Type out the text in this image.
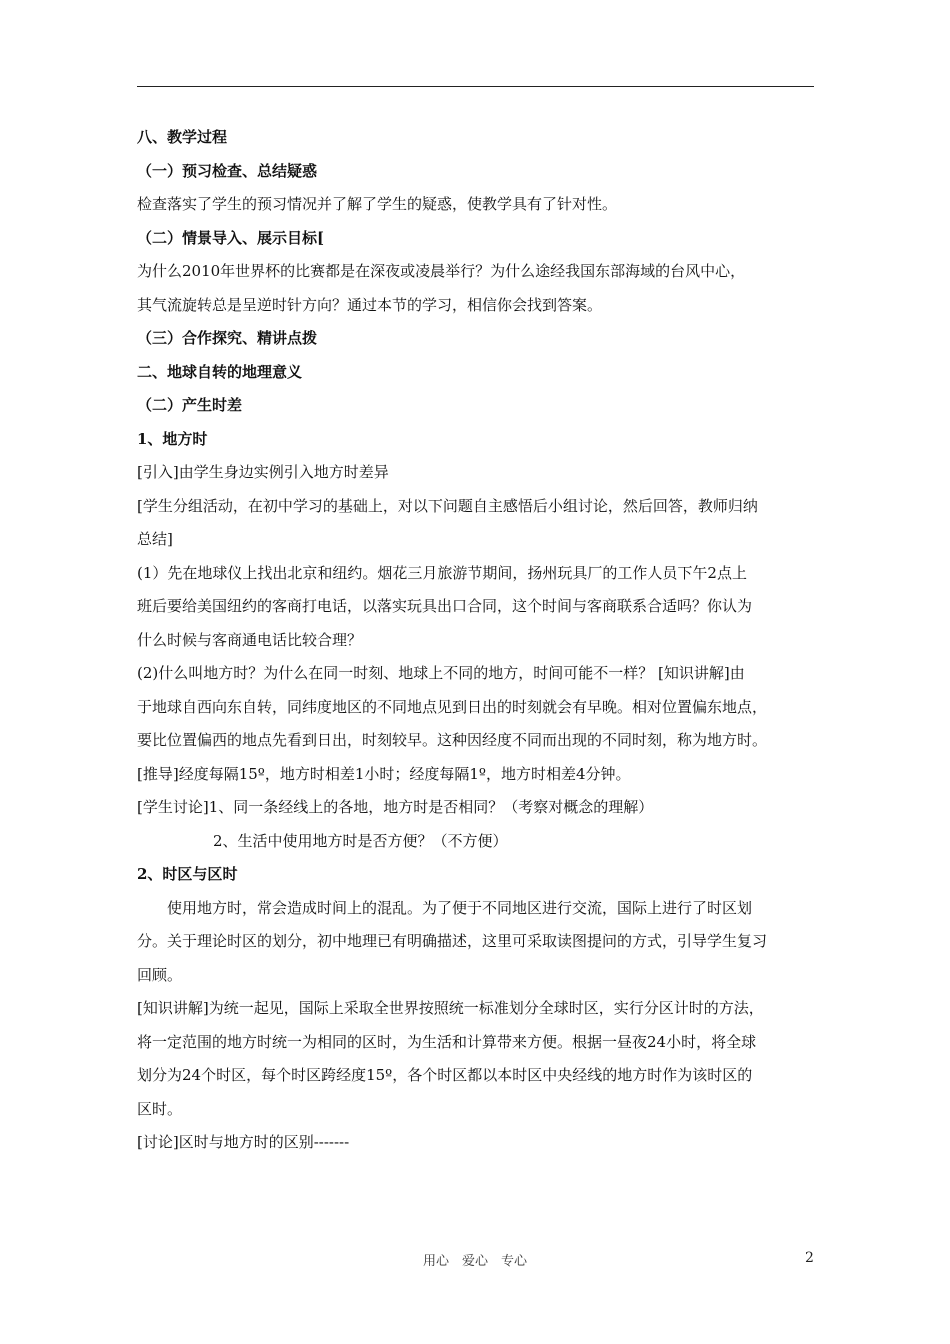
八、教学过程
（一）预习检查、总结疑惑
检查落实了学生的预习情况并了解了学生的疑惑，使教学具有了针对性。
（二）情景导入、展示目标[
为什么2010年世界杯的比赛都是在深夜或凌晨举行？为什么途经我国东部海域的台风中心，
其气流旋转总是呈逆时针方向？通过本节的学习，相信你会找到答案。
（三）合作探究、精讲点拨
二、地球自转的地理意义
（二）产生时差
1、地方时
[引入]由学生身边实例引入地方时差异
[学生分组活动，在初中学习的基础上，对以下问题自主感悟后小组讨论，然后回答，教师归纳
总结]
(1）先在地球仪上找出北京和纽约。烟花三月旅游节期间，扬州玩具厂的工作人员下午2点上
班后要给美国纽约的客商打电话，以落实玩具出口合同，这个时间与客商联系合适吗？你认为
什么时候与客商通电话比较合理？
(2)什么叫地方时？为什么在同一时刻、地球上不同的地方，时间可能不一样？ [知识讲解]由
于地球自西向东自转，同纬度地区的不同地点见到日出的时刻就会有早晚。相对位置偏东地点，
要比位置偏西的地点先看到日出，时刻较早。这种因经度不同而出现的不同时刻，称为地方时。
[推导]经度每隔15º，地方时相差1小时；经度每隔1º，地方时相差4分钟。
[学生讨论]1、同一条经线上的各地，地方时是否相同？（考察对概念的理解）
2、生活中使用地方时是否方便？（不方便）
2、时区与区时
使用地方时，常会造成时间上的混乱。为了便于不同地区进行交流，国际上进行了时区划
分。关于理论时区的划分，初中地理已有明确描述，这里可采取读图提问的方式，引导学生复习
回顾。
[知识讲解]为统一起见，国际上采取全世界按照统一标准划分全球时区，实行分区计时的方法，
将一定范围的地方时统一为相同的区时，为生活和计算带来方便。根据一昼夜24小时，将全球
划分为24个时区，每个时区跨经度15º，各个时区都以本时区中央经线的地方时作为该时区的
区时。
[讨论]区时与地方时的区别-------
用心　爱心　专心	2
